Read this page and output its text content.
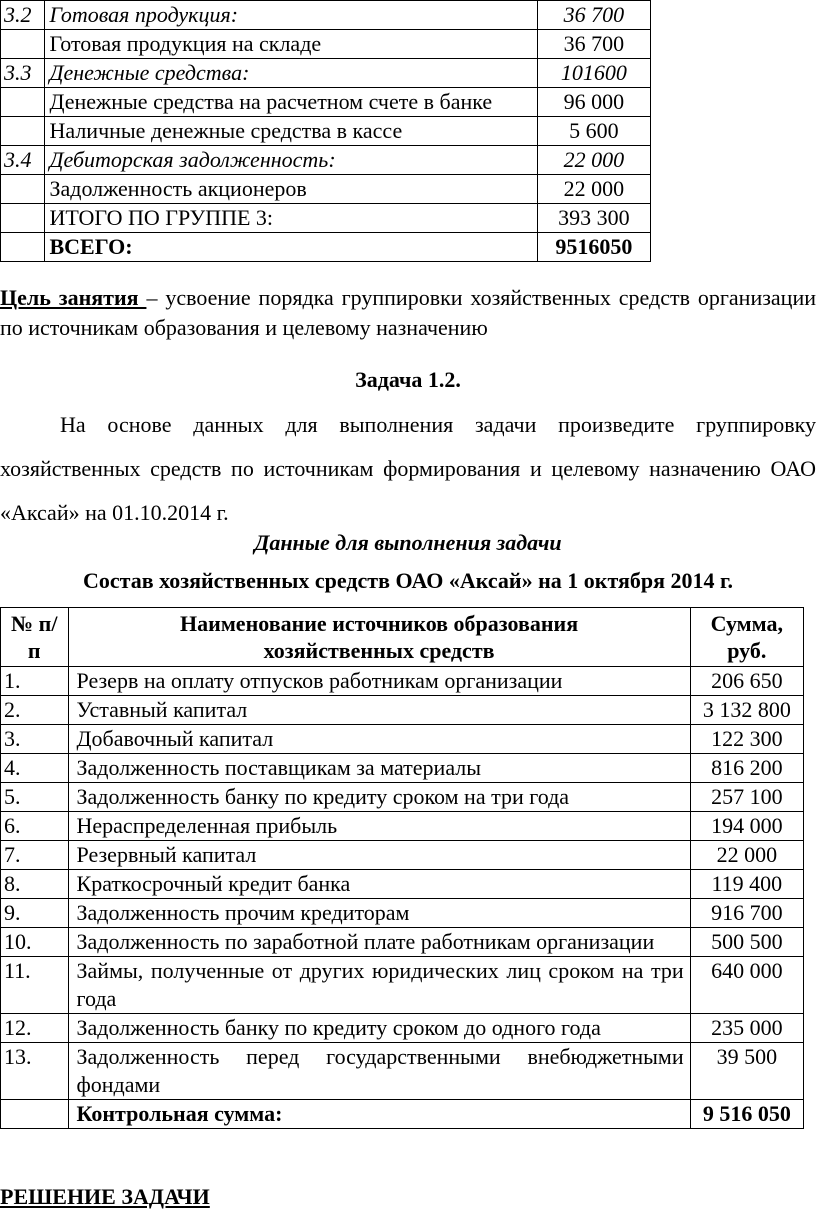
3.2	Готовая продукция:	36 700
	Готовая продукция на складе	36 700
3.3	Денежные средства:	101600
	Денежные средства на расчетном счете в банке	96 000
	Наличные денежные средства в кассе	5 600
3.4	Дебиторская задолженность:	22 000
	Задолженность акционеров	22 000
	ИТОГО ПО ГРУППЕ 3:	393 300
	ВСЕГО:	9516050
Цель занятия – усвоение порядка группировки хозяйственных средств организации по источникам образования и целевому назначению
Задача 1.2.
На основе данных для выполнения задачи произведите группировку хозяйственных средств по источникам формирования и целевому назначению ОАО «Аксай» на 01.10.2014 г.
Данные для выполнения задачи
Состав хозяйственных средств ОАО «Аксай» на 1 октября 2014 г.
№ п/п	Наименование источников образования хозяйственных средств	Сумма, руб.
1.	Резерв на оплату отпусков работникам организации	206 650
2.	Уставный капитал	3 132 800
3.	Добавочный капитал	122 300
4.	Задолженность поставщикам за материалы	816 200
5.	Задолженность банку по кредиту сроком на три года	257 100
6.	Нераспределенная прибыль	194 000
7.	Резервный капитал	22 000
8.	Краткосрочный кредит банка	119 400
9.	Задолженность прочим кредиторам	916 700
10.	Задолженность по заработной плате работникам организации	500 500
11.	Займы, полученные от других юридических лиц сроком на три года	640 000
12.	Задолженность банку по кредиту сроком до одного года	235 000
13.	Задолженность перед государственными внебюджетными фондами	39 500
	Контрольная сумма:	9 516 050
РЕШЕНИЕ ЗАДАЧИ
